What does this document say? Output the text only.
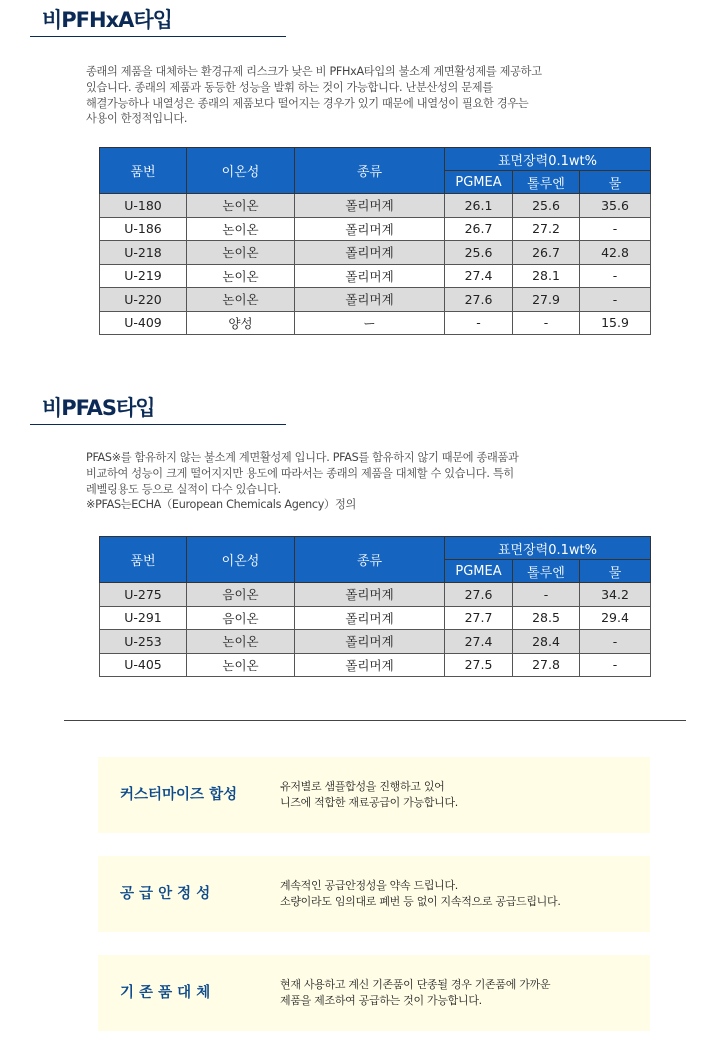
비PFHxA타입

종래의 제품을 대체하는 환경규제 리스크가 낮은 비 PFHxA타입의 불소계 계면활성제를 제공하고

있습니다. 종래의 제품과 동등한 성능을 발휘 하는 것이 가능합니다. 난분산성의 문제를

해결가능하나 내열성은 종래의 제품보다 떨어지는 경우가 있기 때문에 내열성이 필요한 경우는

사용이 한정적입니다.

품번	이온성	종류	표면장력0.1wt%		
			PGMEA	톨루엔	물
U-180	논이온	폴리머계	26.1	25.6	35.6
U-186	논이온	폴리머계	26.7	27.2	-
U-218	논이온	폴리머계	25.6	26.7	42.8
U-219	논이온	폴리머계	27.4	28.1	-
U-220	논이온	폴리머계	27.6	27.9	-
U-409	양성	ー	-	-	15.9
비PFAS타입

PFAS※를 함유하지 않는 불소계 계면활성제 입니다. PFAS를 함유하지 않기 때문에 종래품과

비교하여 성능이 크게 떨어지지만 용도에 따라서는 종래의 제품을 대체할 수 있습니다. 특히

레벨링용도 등으로 실적이 다수 있습니다.

※PFAS는ECHA（European Chemicals Agency）정의

품번	이온성	종류	표면장력0.1wt%		
			PGMEA	톨루엔	물
U-275	음이온	폴리머계	27.6	-	34.2
U-291	음이온	폴리머계	27.7	28.5	29.4
U-253	논이온	폴리머계	27.4	28.4	-
U-405	논이온	폴리머계	27.5	27.8	-
커스터마이즈 합성

유저별로 샘플합성을 진행하고 있어

니즈에 적합한 재료공급이 가능합니다.

공 급 안 정 성

계속적인 공급안정성을 약속 드립니다.

소량이라도 임의대로 폐번 등 없이 지속적으로 공급드립니다.

기 존 품 대 체

현재 사용하고 계신 기존품이 단종될 경우 기존품에 가까운

제품을 제조하여 공급하는 것이 가능합니다.
